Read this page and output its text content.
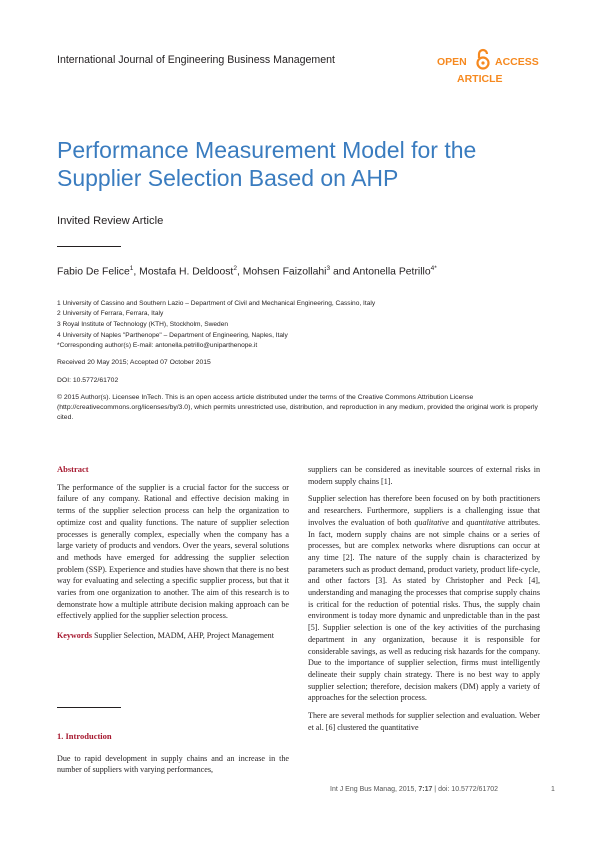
International Journal of Engineering Business Management	OPEN	ACCESS
ARTICLE
Performance Measurement Model for the Supplier Selection Based on AHP
Invited Review Article
Fabio De Felice$^1$, Mostafa H. Deldoost$^2$, Mohsen Faizollahi$^3$ and Antonella Petrillo$^{4*}$
1 University of Cassino and Southern Lazio – Department of Civil and Mechanical Engineering, Cassino, Italy
2 University of Ferrara, Ferrara, Italy
3 Royal Institute of Technology (KTH), Stockholm, Sweden
4 University of Naples "Parthenope" – Department of Engineering, Naples, Italy
*Corresponding author(s) E-mail: antonella.petrillo@uniparthenope.it
Received 20 May 2015; Accepted 07 October 2015
DOI: 10.5772/61702
© 2015 Author(s). Licensee InTech. This is an open access article distributed under the terms of the Creative Commons Attribution License (http://creativecommons.org/licenses/by/3.0), which permits unrestricted use, distribution, and reproduction in any medium, provided the original work is properly cited.
Abstract

The performance of the supplier is a crucial factor for the success or failure of any company. Rational and effective decision making in terms of the supplier selection process can help the organization to optimize cost and quality functions. The nature of supplier selection processes is generally complex, especially when the company has a large variety of products and vendors. Over the years, several solutions and methods have emerged for addressing the supplier selection problem (SSP). Experience and studies have shown that there is no best way for evaluating and selecting a specific supplier process, but that it varies from one organization to another. The aim of this research is to demonstrate how a multiple attribute decision making approach can be effectively applied for the supplier selection process.

Keywords Supplier Selection, MADM, AHP, Project Management

1. Introduction

Due to rapid development in supply chains and an increase in the number of suppliers with varying performances,

suppliers can be considered as inevitable sources of external risks in modern supply chains [1].

Supplier selection has therefore been focused on by both practitioners and researchers. Furthermore, suppliers is a challenging issue that involves the evaluation of both qualitative and quantitative attributes. In fact, modern supply chains are not simple chains or a series of processes, but are complex networks where disruptions can occur at any time [2]. The nature of the supply chain is characterized by parameters such as product demand, product variety, product life-cycle, and other factors [3]. As stated by Christopher and Peck [4], understanding and managing the processes that comprise supply chains is critical for the reduction of potential risks. Thus, the supply chain environment is today more dynamic and unpredictable than in the past [5]. Supplier selection is one of the key activities of the purchasing department in any organization, because it is responsible for considerable savings, as well as reducing risk hazards for the company. Due to the importance of supplier selection, firms must intelligently delineate their supply chain strategy. There is no best way to apply supplier selection; therefore, decision makers (DM) apply a variety of approaches for the selection process.

There are several methods for supplier selection and evaluation. Weber et al. [6] clustered the quantitative

Int J Eng Bus Manag, 2015, 7:17 | doi: 10.5772/61702	1
